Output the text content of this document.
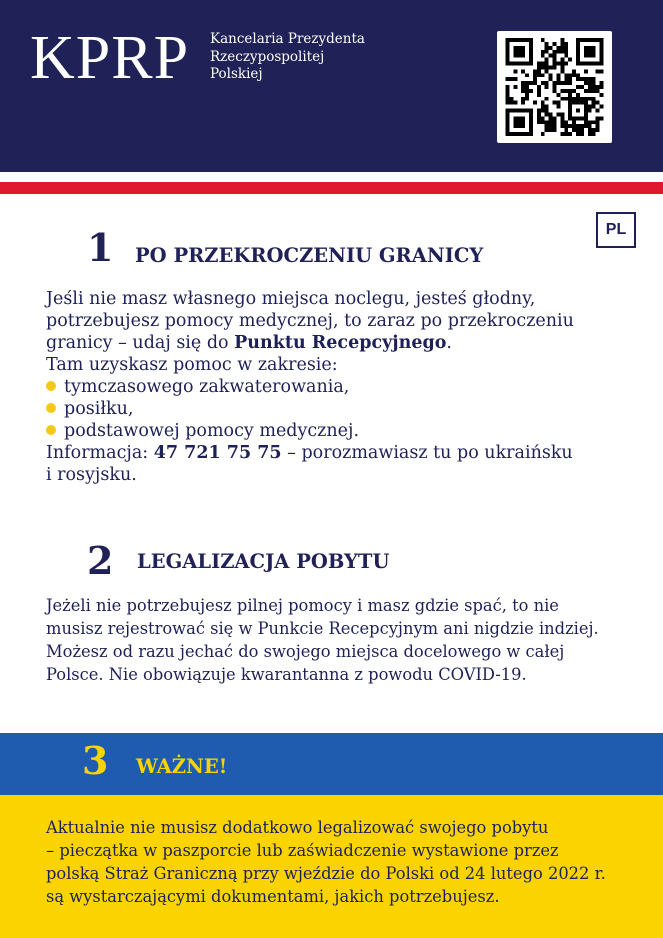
KPRP Kancelaria Prezydenta
Rzeczypospolitej
Polskiej
PL
1 PO PRZEKROCZENIU GRANICY
Jeśli nie masz własnego miejsca noclegu, jesteś głodny,
potrzebujesz pomocy medycznej, to zaraz po przekroczeniu
granicy – udaj się do Punktu Recepcyjnego.
Tam uzyskasz pomoc w zakresie:
tymczasowego zakwaterowania,
posiłku,
podstawowej pomocy medycznej.
Informacja: 47 721 75 75 – porozmawiasz tu po ukraińsku
i rosyjsku.
2 LEGALIZACJA POBYTU
Jeżeli nie potrzebujesz pilnej pomocy i masz gdzie spać, to nie
musisz rejestrować się w Punkcie Recepcyjnym ani nigdzie indziej.
Możesz od razu jechać do swojego miejsca docelowego w całej
Polsce. Nie obowiązuje kwarantanna z powodu COVID-19.
3 WAŻNE!
Aktualnie nie musisz dodatkowo legalizować swojego pobytu
– pieczątka w paszporcie lub zaświadczenie wystawione przez
polską Straż Graniczną przy wjeździe do Polski od 24 lutego 2022 r.
są wystarczającymi dokumentami, jakich potrzebujesz.
